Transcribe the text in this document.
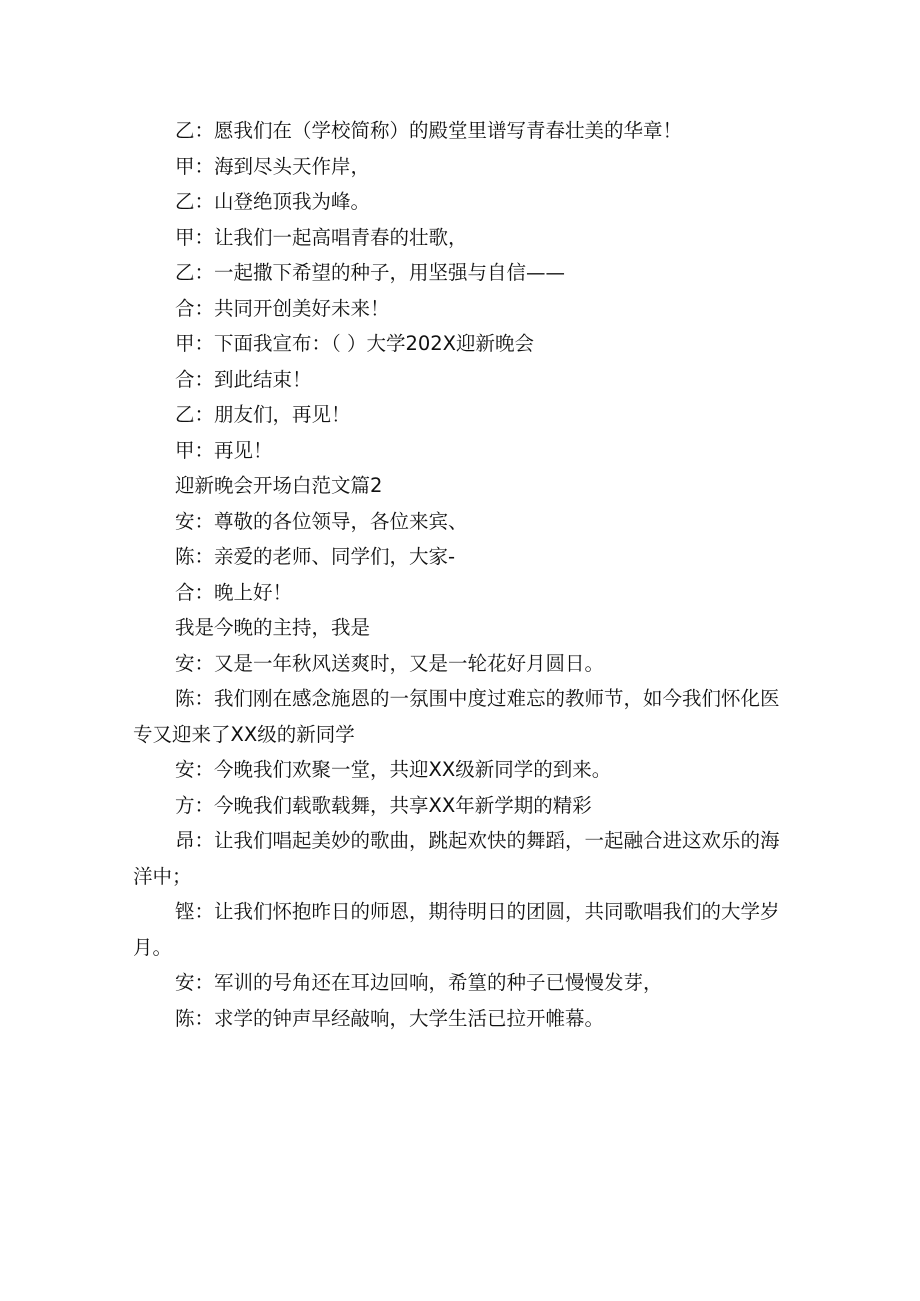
乙：愿我们在（学校简称）的殿堂里谱写青春壮美的华章！

甲：海到尽头天作岸，

乙：山登绝顶我为峰。

甲：让我们一起高唱青春的壮歌，

乙：一起撒下希望的种子，用坚强与自信——

合：共同开创美好未来！

甲：下面我宣布：（ ）大学202X迎新晚会

合：到此结束！

乙：朋友们，再见！

甲：再见！

迎新晚会开场白范文篇2

安：尊敬的各位领导，各位来宾、

陈：亲爱的老师、同学们，大家-

合：晚上好！

我是今晚的主持，我是

安：又是一年秋风送爽时，又是一轮花好月圆日。

陈：我们刚在感念施恩的一氛围中度过难忘的教师节，如今我们怀化医专又迎来了XX级的新同学

安：今晚我们欢聚一堂，共迎XX级新同学的到来。

方：今晚我们载歌载舞，共享XX年新学期的精彩

昂：让我们唱起美妙的歌曲，跳起欢快的舞蹈，一起融合进这欢乐的海洋中；

铿：让我们怀抱昨日的师恩，期待明日的团圆，共同歌唱我们的大学岁月。

安：军训的号角还在耳边回响，希篁的种子已慢慢发芽，

陈：求学的钟声早经敲响，大学生活已拉开帷幕。
